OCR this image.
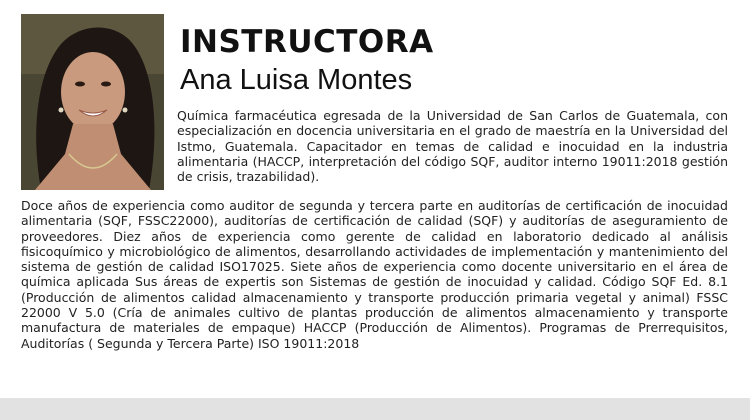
INSTRUCTORA
Ana Luisa Montes
Química farmacéutica egresada de la Universidad de San Carlos de Guatemala, con especialización en docencia universitaria en el grado de maestría en la Universidad del Istmo, Guatemala. Capacitador en temas de calidad e inocuidad en la industria alimentaria (HACCP, interpretación del código SQF, auditor interno 19011:2018 gestión de crisis, trazabilidad).
Doce años de experiencia como auditor de segunda y tercera parte en auditorías de certificación de inocuidad alimentaria (SQF, FSSC22000), auditorías de certificación de calidad (SQF) y auditorías de aseguramiento de proveedores. Diez años de experiencia como gerente de calidad en laboratorio dedicado al análisis fisicoquímico y microbiológico de alimentos, desarrollando actividades de implementación y mantenimiento del sistema de gestión de calidad ISO17025. Siete años de experiencia como docente universitario en el área de química aplicada Sus áreas de expertis son Sistemas de gestión de inocuidad y calidad. Código SQF Ed. 8.1 (Producción de alimentos calidad almacenamiento y transporte producción primaria vegetal y animal) FSSC 22000 V 5.0 (Cría de animales cultivo de plantas producción de alimentos almacenamiento y transporte manufactura de materiales de empaque) HACCP (Producción de Alimentos). Programas de Prerrequisitos, Auditorías ( Segunda y Tercera Parte) ISO 19011:2018
